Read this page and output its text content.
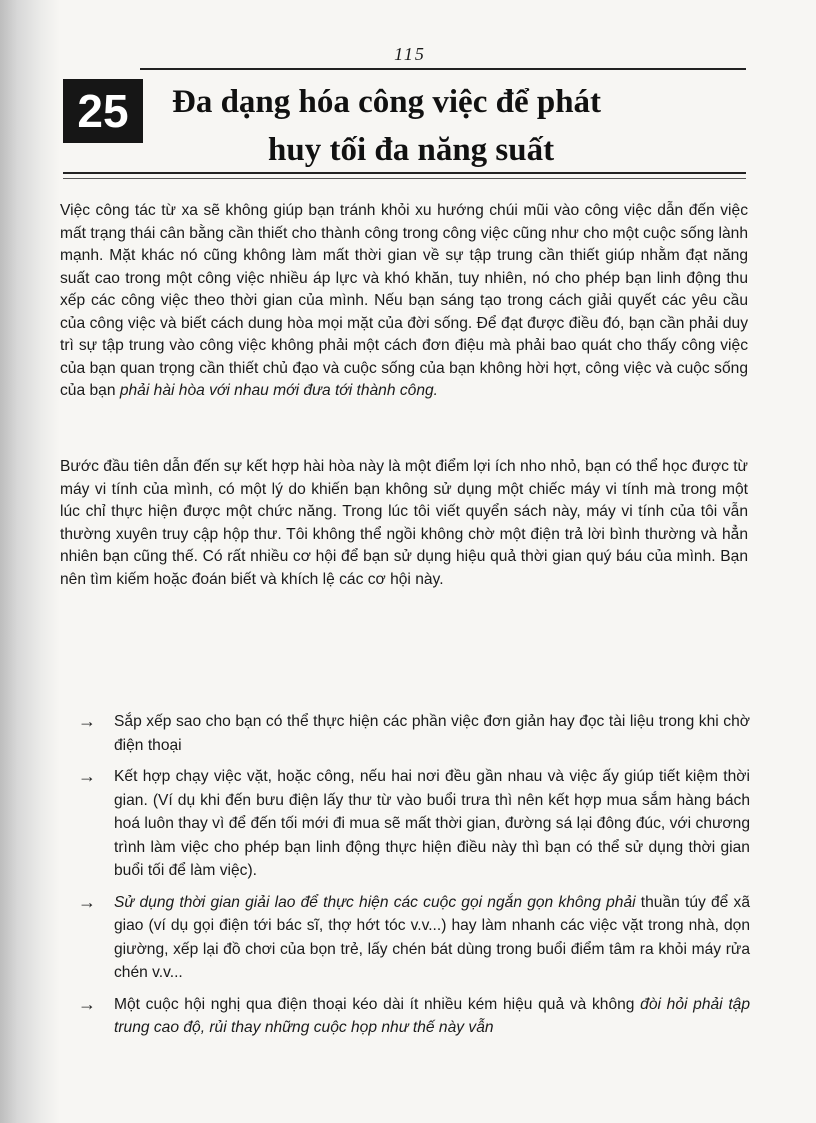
115
25	Đa dạng hóa công việc để phát
huy tối đa năng suất
Việc công tác từ xa sẽ không giúp bạn tránh khỏi xu hướng chúi mũi vào công việc dẫn đến việc mất trạng thái cân bằng cần thiết cho thành công trong công việc cũng như cho một cuộc sống lành mạnh. Mặt khác nó cũng không làm mất thời gian về sự tập trung cần thiết giúp nhằm đạt năng suất cao trong một công việc nhiều áp lực và khó khăn, tuy nhiên, nó cho phép bạn linh động thu xếp các công việc theo thời gian của mình. Nếu bạn sáng tạo trong cách giải quyết các yêu cầu của công việc và biết cách dung hòa mọi mặt của đời sống. Để đạt được điều đó, bạn cần phải duy trì sự tập trung vào công việc không phải một cách đơn điệu mà phải bao quát cho thấy công việc của bạn quan trọng cần thiết chủ đạo và cuộc sống của bạn không hời hợt, công việc và cuộc sống của bạn phải hài hòa với nhau mới đưa tới thành công.
Bước đầu tiên dẫn đến sự kết hợp hài hòa này là một điểm lợi ích nho nhỏ, bạn có thể học được từ máy vi tính của mình, có một lý do khiến bạn không sử dụng một chiếc máy vi tính mà trong một lúc chỉ thực hiện được một chức năng. Trong lúc tôi viết quyển sách này, máy vi tính của tôi vẫn thường xuyên truy cập hộp thư. Tôi không thể ngồi không chờ một điện trả lời bình thường và hẳn nhiên bạn cũng thế. Có rất nhiều cơ hội để bạn sử dụng hiệu quả thời gian quý báu của mình. Bạn nên tìm kiếm hoặc đoán biết và khích lệ các cơ hội này.
→ Sắp xếp sao cho bạn có thể thực hiện các phần việc đơn giản hay đọc tài liệu trong khi chờ điện thoại
→ Kết hợp chạy việc vặt, hoặc công, nếu hai nơi đều gần nhau và việc ấy giúp tiết kiệm thời gian. (Ví dụ khi đến bưu điện lấy thư từ vào buổi trưa thì nên kết hợp mua sắm hàng bách hoá luôn thay vì để đến tối mới đi mua sẽ mất thời gian, đường sá lại đông đúc, với chương trình làm việc cho phép bạn linh động thực hiện điều này thì bạn có thể sử dụng thời gian buổi tối để làm việc).
→ Sử dụng thời gian giải lao để thực hiện các cuộc gọi ngắn gọn không phải thuần túy để xã giao (ví dụ gọi điện tới bác sĩ, thợ hớt tóc v.v...) hay làm nhanh các việc vặt trong nhà, dọn giường, xếp lại đồ chơi của bọn trẻ, lấy chén bát dùng trong buổi điểm tâm ra khỏi máy rửa chén v.v...
→ Một cuộc hội nghị qua điện thoại kéo dài ít nhiều kém hiệu quả và không đòi hỏi phải tập trung cao độ, rủi thay những cuộc họp như thế này vẫn
